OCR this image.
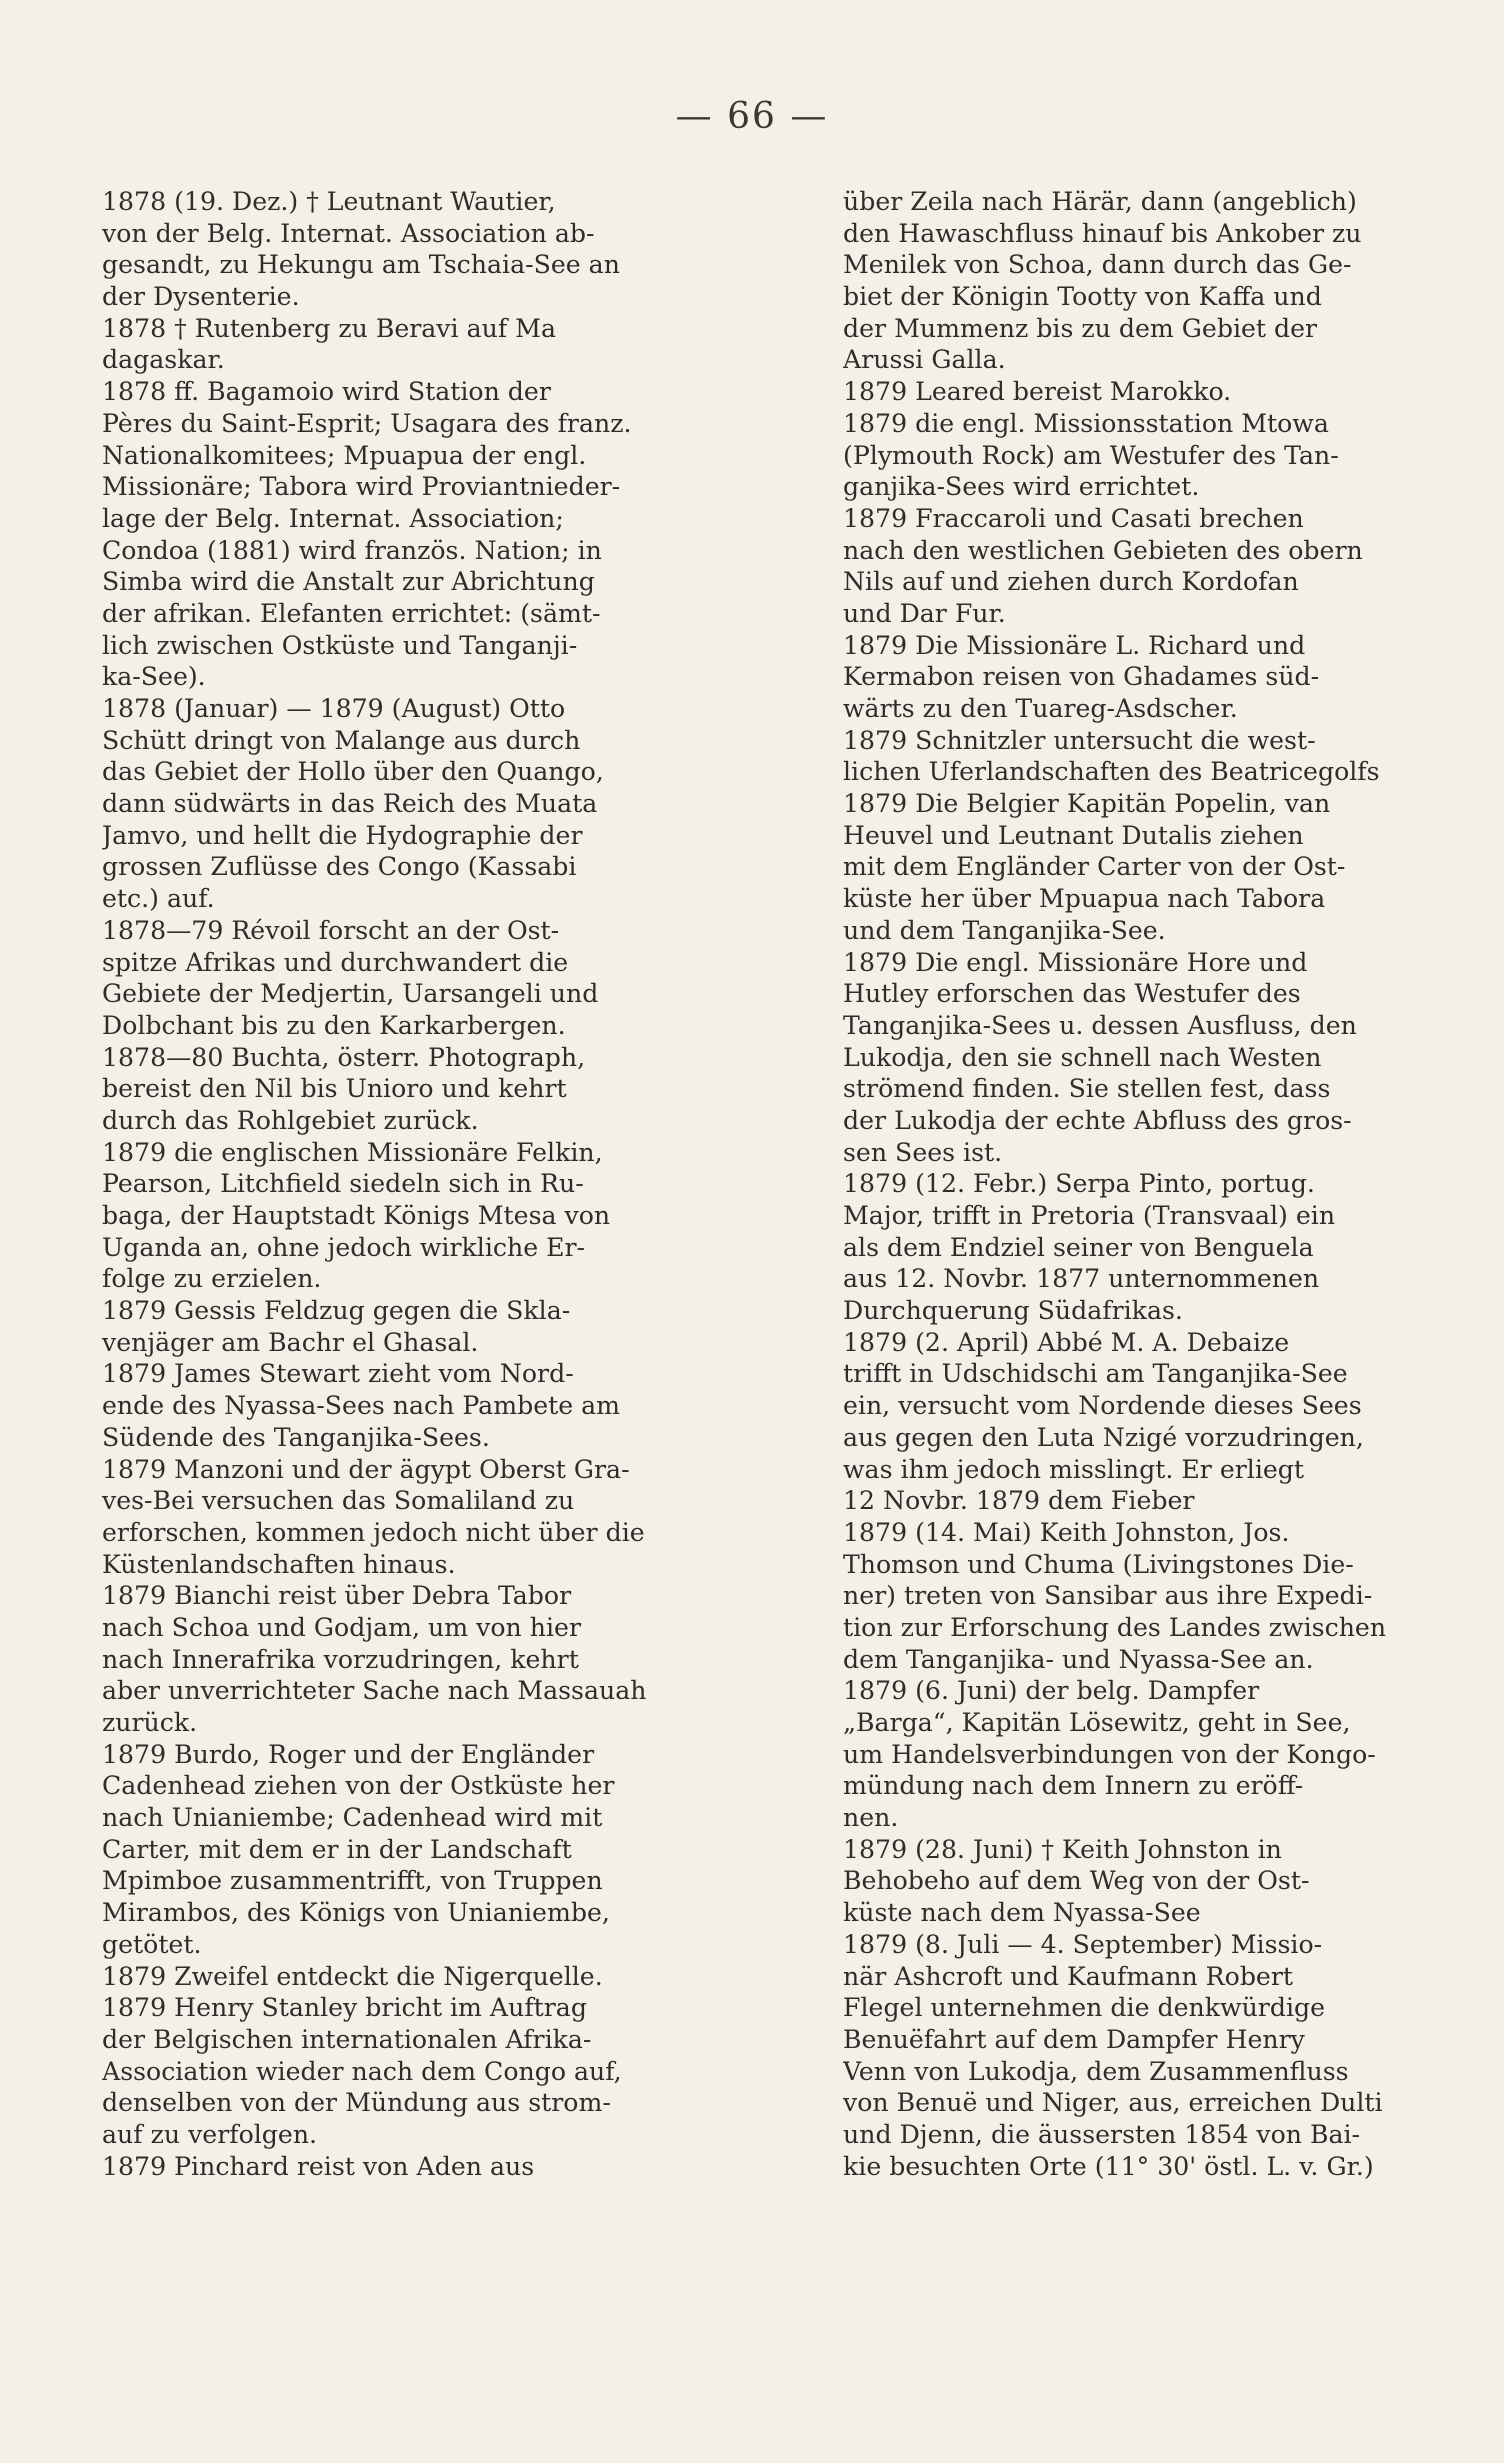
— 66 —
1878 (19. Dez.) † Leutnant Wautier,
von der Belg. Internat. Association ab-
gesandt, zu Hekungu am Tschaia-See an
der Dysenterie.
1878 † Rutenberg zu Beravi auf Ma
dagaskar.
1878 ff. Bagamoio wird Station der
Pères du Saint-Esprit; Usagara des franz.
Nationalkomitees; Mpuapua der engl.
Missionäre; Tabora wird Proviantnieder-
lage der Belg. Internat. Association;
Condoa (1881) wird französ. Nation; in
Simba wird die Anstalt zur Abrichtung
der afrikan. Elefanten errichtet: (sämt-
lich zwischen Ostküste und Tanganji-
ka-See).
1878 (Januar) — 1879 (August) Otto
Schütt dringt von Malange aus durch
das Gebiet der Hollo über den Quango,
dann südwärts in das Reich des Muata
Jamvo, und hellt die Hydographie der
grossen Zuflüsse des Congo (Kassabi
etc.) auf.
1878—79 Révoil forscht an der Ost-
spitze Afrikas und durchwandert die
Gebiete der Medjertin, Uarsangeli und
Dolbchant bis zu den Karkarbergen.
1878—80 Buchta, österr. Photograph,
bereist den Nil bis Unioro und kehrt
durch das Rohlgebiet zurück.
1879 die englischen Missionäre Felkin,
Pearson, Litchfield siedeln sich in Ru-
baga, der Hauptstadt Königs Mtesa von
Uganda an, ohne jedoch wirkliche Er-
folge zu erzielen.
1879 Gessis Feldzug gegen die Skla-
venjäger am Bachr el Ghasal.
1879 James Stewart zieht vom Nord-
ende des Nyassa-Sees nach Pambete am
Südende des Tanganjika-Sees.
1879 Manzoni und der ägypt Oberst Gra-
ves-Bei versuchen das Somaliland zu
erforschen, kommen jedoch nicht über die
Küstenlandschaften hinaus.
1879 Bianchi reist über Debra Tabor
nach Schoa und Godjam, um von hier
nach Innerafrika vorzudringen, kehrt
aber unverrichteter Sache nach Massauah
zurück.
1879 Burdo, Roger und der Engländer
Cadenhead ziehen von der Ostküste her
nach Unianiembe; Cadenhead wird mit
Carter, mit dem er in der Landschaft
Mpimboe zusammentrifft, von Truppen
Mirambos, des Königs von Unianiembe,
getötet.
1879 Zweifel entdeckt die Nigerquelle.
1879 Henry Stanley bricht im Auftrag
der Belgischen internationalen Afrika-
Association wieder nach dem Congo auf,
denselben von der Mündung aus strom-
auf zu verfolgen.
1879 Pinchard reist von Aden aus
über Zeila nach Härär, dann (angeblich)
den Hawaschfluss hinauf bis Ankober zu
Menilek von Schoa, dann durch das Ge-
biet der Königin Tootty von Kaffa und
der Mummenz bis zu dem Gebiet der
Arussi Galla.
1879 Leared bereist Marokko.
1879 die engl. Missionsstation Mtowa
(Plymouth Rock) am Westufer des Tan-
ganjika-Sees wird errichtet.
1879 Fraccaroli und Casati brechen
nach den westlichen Gebieten des obern
Nils auf und ziehen durch Kordofan
und Dar Fur.
1879 Die Missionäre L. Richard und
Kermabon reisen von Ghadames süd-
wärts zu den Tuareg-Asdscher.
1879 Schnitzler untersucht die west-
lichen Uferlandschaften des Beatricegolfs
1879 Die Belgier Kapitän Popelin, van
Heuvel und Leutnant Dutalis ziehen
mit dem Engländer Carter von der Ost-
küste her über Mpuapua nach Tabora
und dem Tanganjika-See.
1879 Die engl. Missionäre Hore und
Hutley erforschen das Westufer des
Tanganjika-Sees u. dessen Ausfluss, den
Lukodja, den sie schnell nach Westen
strömend finden. Sie stellen fest, dass
der Lukodja der echte Abfluss des gros-
sen Sees ist.
1879 (12. Febr.) Serpa Pinto, portug.
Major, trifft in Pretoria (Transvaal) ein
als dem Endziel seiner von Benguela
aus 12. Novbr. 1877 unternommenen
Durchquerung Südafrikas.
1879 (2. April) Abbé M. A. Debaize
trifft in Udschidschi am Tanganjika-See
ein, versucht vom Nordende dieses Sees
aus gegen den Luta Nzigé vorzudringen,
was ihm jedoch misslingt. Er erliegt
12 Novbr. 1879 dem Fieber
1879 (14. Mai) Keith Johnston, Jos.
Thomson und Chuma (Livingstones Die-
ner) treten von Sansibar aus ihre Expedi-
tion zur Erforschung des Landes zwischen
dem Tanganjika- und Nyassa-See an.
1879 (6. Juni) der belg. Dampfer
„Barga“, Kapitän Lösewitz, geht in See,
um Handelsverbindungen von der Kongo-
mündung nach dem Innern zu eröff-
nen.
1879 (28. Juni) † Keith Johnston in
Behobeho auf dem Weg von der Ost-
küste nach dem Nyassa-See
1879 (8. Juli — 4. September) Missio-
när Ashcroft und Kaufmann Robert
Flegel unternehmen die denkwürdige
Benuëfahrt auf dem Dampfer Henry
Venn von Lukodja, dem Zusammenfluss
von Benuë und Niger, aus, erreichen Dulti
und Djenn, die äussersten 1854 von Bai-
kie besuchten Orte (11° 30' östl. L. v. Gr.)
